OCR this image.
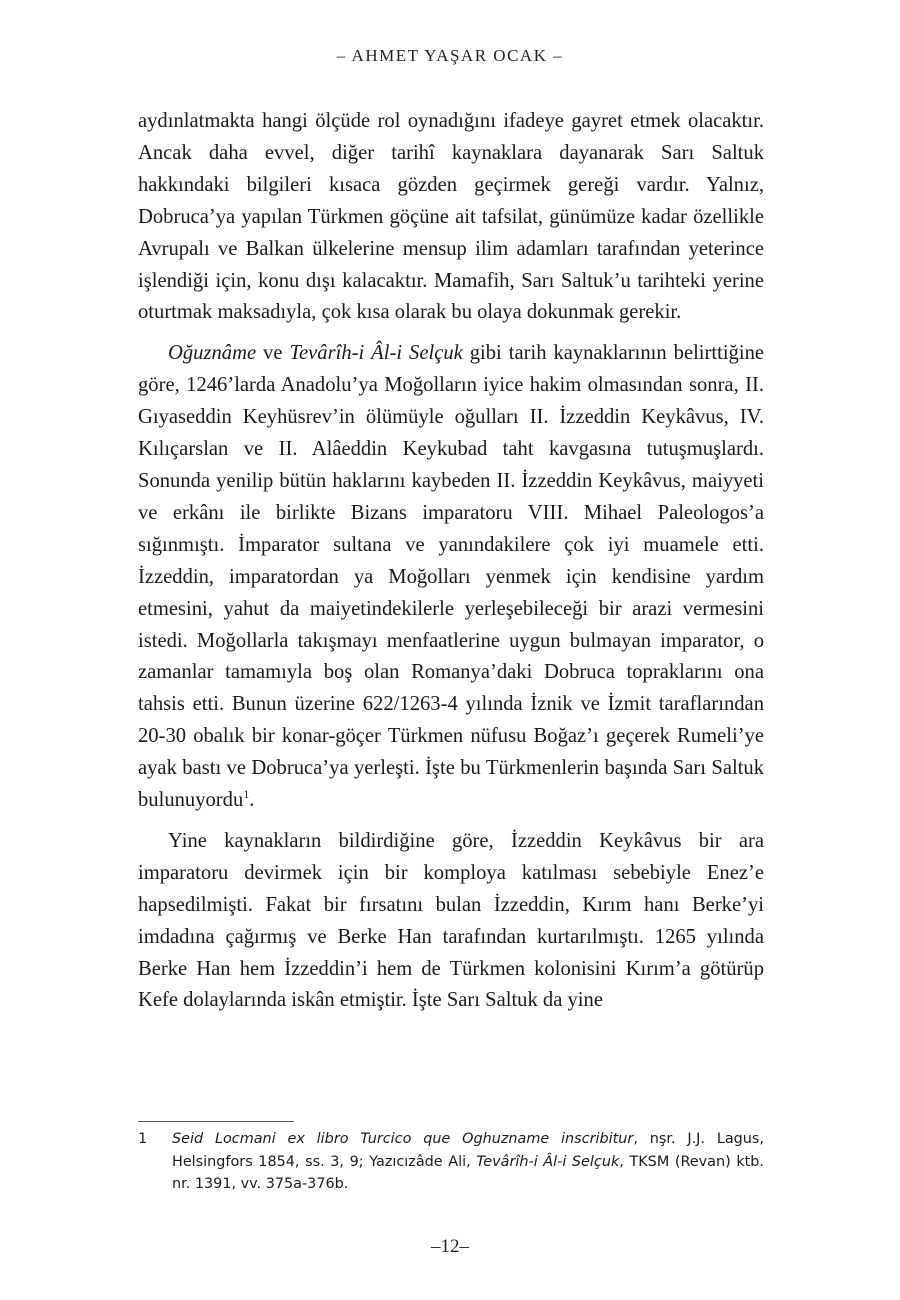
– AHMET YAŞAR OCAK –

aydınlatmakta hangi ölçüde rol oynadığını ifadeye gayret etmek olacaktır. Ancak daha evvel, diğer tarihî kaynaklara dayanarak Sarı Saltuk hakkındaki bilgileri kısaca gözden geçirmek gereği vardır. Yalnız, Dobruca’ya yapılan Türkmen göçüne ait tafsilat, günümüze kadar özellikle Avrupalı ve Balkan ülkelerine mensup ilim adamları tarafından yeterince işlendiği için, konu dışı kalacaktır. Mamafih, Sarı Saltuk’u tarihteki yerine oturtmak maksadıyla, çok kısa olarak bu olaya dokunmak gerekir.

Oğuznâme ve Tevârîh-i Âl-i Selçuk gibi tarih kaynaklarının belirttiğine göre, 1246’larda Anadolu’ya Moğolların iyice hakim olmasından sonra, II. Gıyaseddin Keyhüsrev’in ölümüyle oğulları II. İzzeddin Keykâvus, IV. Kılıçarslan ve II. Alâeddin Keykubad taht kavgasına tutuşmuşlardı. Sonunda yenilip bütün haklarını kaybeden II. İzzeddin Keykâvus, maiyyeti ve erkânı ile birlikte Bizans imparatoru VIII. Mihael Paleologos’a sığınmıştı. İmparator sultana ve yanındakilere çok iyi muamele etti. İzzeddin, imparatordan ya Moğolları yenmek için kendisine yardım etmesini, yahut da maiyetindekilerle yerleşebileceği bir arazi vermesini istedi. Moğollarla takışmayı menfaatlerine uygun bulmayan imparator, o zamanlar tamamıyla boş olan Romanya’daki Dobruca topraklarını ona tahsis etti. Bunun üzerine 622/1263-4 yılında İznik ve İzmit taraflarından 20-30 obalık bir konar-göçer Türkmen nüfusu Boğaz’ı geçerek Rumeli’ye ayak bastı ve Dobruca’ya yerleşti. İşte bu Türkmenlerin başında Sarı Saltuk bulunuyordu$^1$.

Yine kaynakların bildirdiğine göre, İzzeddin Keykâvus bir ara imparatoru devirmek için bir komploya katılması sebebiyle Enez’e hapsedilmişti. Fakat bir fırsatını bulan İzzeddin, Kırım hanı Berke’yi imdadına çağırmış ve Berke Han tarafından kurtarılmıştı. 1265 yılında Berke Han hem İzzeddin’i hem de Türkmen kolonisini Kırım’a götürüp Kefe dolaylarında iskân etmiştir. İşte Sarı Saltuk da yine

1 Seid Locmani ex libro Turcico que Oghuzname inscribitur, nşr. J.J. Lagus, Helsingfors 1854, ss. 3, 9; Yazıcızâde Ali, Tevârîh-i Âl-i Selçuk, TKSM (Revan) ktb. nr. 1391, vv. 375a-376b.
–12–
